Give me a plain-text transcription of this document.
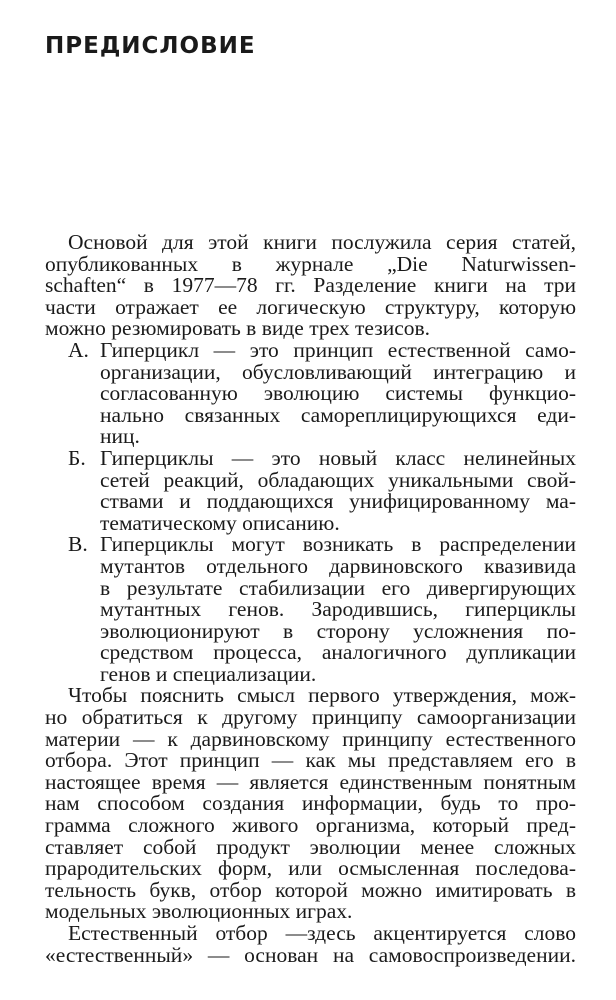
ПРЕДИСЛОВИЕ
Основой для этой книги послужила серия статей,
опубликованных в журнале „Die Naturwissen-
schaften“ в 1977—78 гг. Разделение книги на три
части отражает ее логическую структуру, которую
можно резюмировать в виде трех тезисов.
А. Гиперцикл — это принцип естественной само-
организации, обусловливающий интеграцию и
согласованную эволюцию системы функцио-
нально связанных самореплицирующихся еди-
ниц.
Б. Гиперциклы — это новый класс нелинейных
сетей реакций, обладающих уникальными свой-
ствами и поддающихся унифицированному ма-
тематическому описанию.
В. Гиперциклы могут возникать в распределении
мутантов отдельного дарвиновского квазивида
в результате стабилизации его дивергирующих
мутантных генов. Зародившись, гиперциклы
эволюционируют в сторону усложнения по-
средством процесса, аналогичного дупликации
генов и специализации.
Чтобы пояснить смысл первого утверждения, мож-
но обратиться к другому принципу самоорганизации
материи — к дарвиновскому принципу естественного
отбора. Этот принцип — как мы представляем его в
настоящее время — является единственным понятным
нам способом создания информации, будь то про-
грамма сложного живого организма, который пред-
ставляет собой продукт эволюции менее сложных
прародительских форм, или осмысленная последова-
тельность букв, отбор которой можно имитировать в
модельных эволюционных играх.
Естественный отбор —здесь акцентируется слово
«естественный» — основан на самовоспроизведении.
